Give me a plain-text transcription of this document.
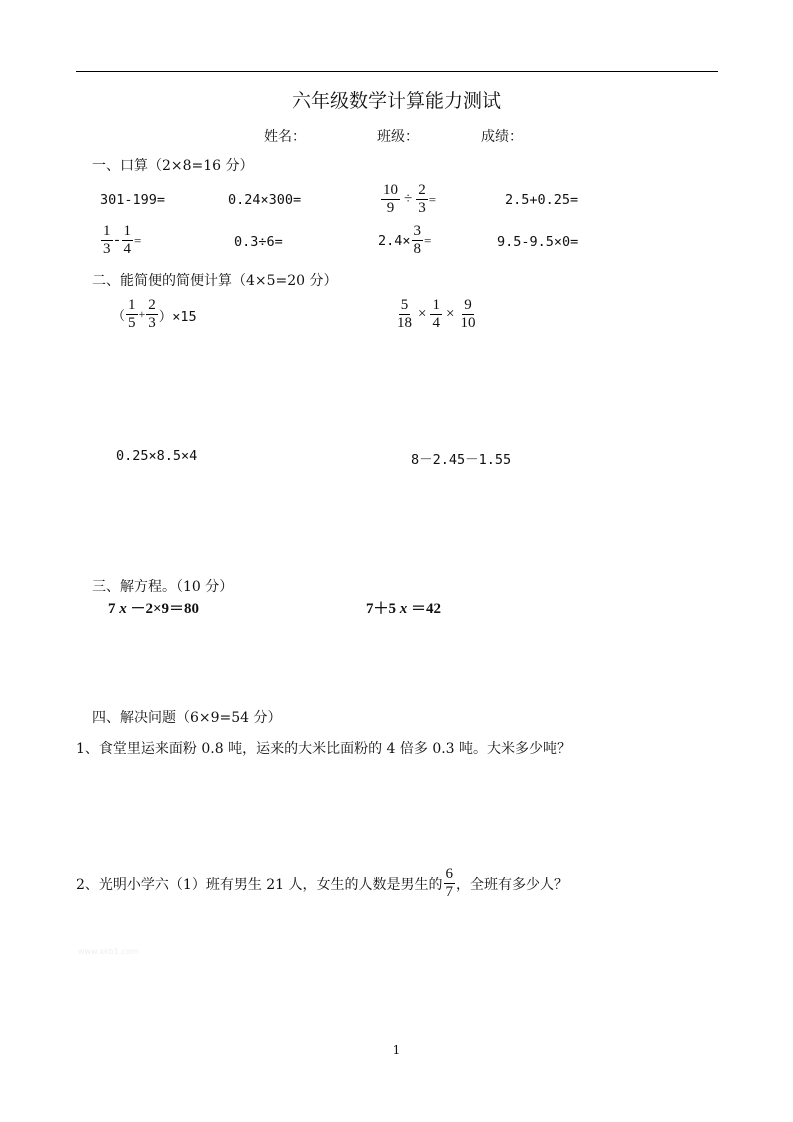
六年级数学计算能力测试
姓名：	班级：	成绩：
一、口算（2×8=16 分）
301-199=	0.24×300=	$\frac{10}{9} \div \frac{2}{3}$ =	2.5+0.25=
$\frac{1}{3} - \frac{1}{4}$ =	0.3÷6=	$2.4\times \frac{3}{8}$ =	9.5-9.5×0=
二、能简便的简便计算（4×5=20 分）
（ $\frac{1}{5} + \frac{2}{3} )\times 15$	$\frac{5}{18} \times \frac{1}{4} \times \frac{9}{10}$
0.25×8.5×4	8－2.45－1.55
三、解方程。（10 分）
7 x －2×9＝80	7＋5 x ＝42
四、解决问题（6×9=54 分）
1、食堂里运来面粉 0.8 吨，运来的大米比面粉的 4 倍多 0.3 吨。大米多少吨？
2、光明小学六（1）班有男生 21 人，女生的人数是男生的 $\frac{6}{7}$ ，全班有多少人？
www.xkb1.com
1
